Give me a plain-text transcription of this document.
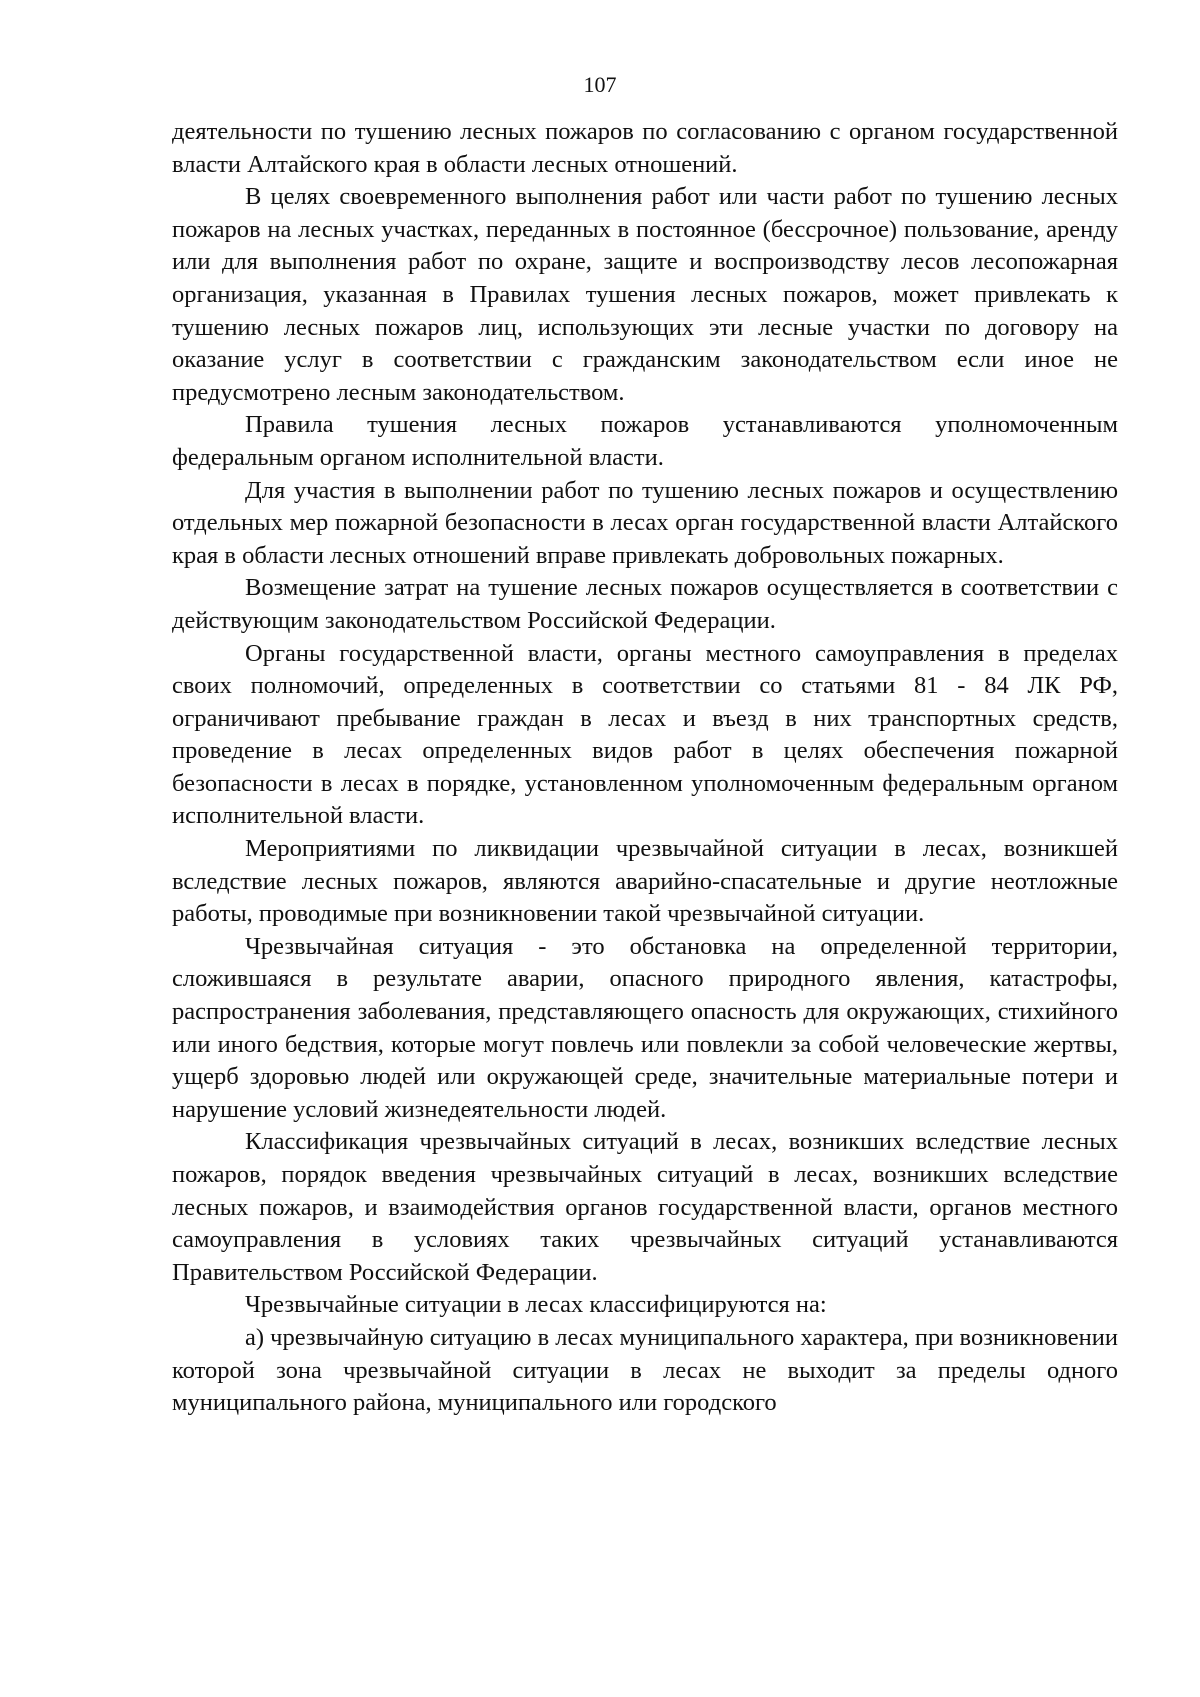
107

деятельности по тушению лесных пожаров по согласованию с органом государственной власти Алтайского края в области лесных отношений.

В целях своевременного выполнения работ или части работ по тушению лесных пожаров на лесных участках, переданных в постоянное (бессрочное) пользование, аренду или для выполнения работ по охране, защите и воспроизводству лесов лесопожарная организация, указанная в Правилах тушения лесных пожаров, может привлекать к тушению лесных пожаров лиц, использующих эти лесные участки по договору на оказание услуг в соответствии с гражданским законодательством если иное не предусмотрено лесным законодательством.

Правила тушения лесных пожаров устанавливаются уполномоченным федеральным органом исполнительной власти.

Для участия в выполнении работ по тушению лесных пожаров и осуществлению отдельных мер пожарной безопасности в лесах орган государственной власти Алтайского края в области лесных отношений вправе привлекать добровольных пожарных.

Возмещение затрат на тушение лесных пожаров осуществляется в соответствии с действующим законодательством Российской Федерации.

Органы государственной власти, органы местного самоуправления в пределах своих полномочий, определенных в соответствии со статьями 81 - 84 ЛК РФ, ограничивают пребывание граждан в лесах и въезд в них транспортных средств, проведение в лесах определенных видов работ в целях обеспечения пожарной безопасности в лесах в порядке, установленном уполномоченным федеральным органом исполнительной власти.

Мероприятиями по ликвидации чрезвычайной ситуации в лесах, возникшей вследствие лесных пожаров, являются аварийно-спасательные и другие неотложные работы, проводимые при возникновении такой чрезвычайной ситуации.

Чрезвычайная ситуация - это обстановка на определенной территории, сложившаяся в результате аварии, опасного природного явления, катастрофы, распространения заболевания, представляющего опасность для окружающих, стихийного или иного бедствия, которые могут повлечь или повлекли за собой человеческие жертвы, ущерб здоровью людей или окружающей среде, значительные материальные потери и нарушение условий жизнедеятельности людей.

Классификация чрезвычайных ситуаций в лесах, возникших вследствие лесных пожаров, порядок введения чрезвычайных ситуаций в лесах, возникших вследствие лесных пожаров, и взаимодействия органов государственной власти, органов местного самоуправления в условиях таких чрезвычайных ситуаций устанавливаются Правительством Российской Федерации.

Чрезвычайные ситуации в лесах классифицируются на:

а) чрезвычайную ситуацию в лесах муниципального характера, при возникновении которой зона чрезвычайной ситуации в лесах не выходит за пределы одного муниципального района, муниципального или городского
